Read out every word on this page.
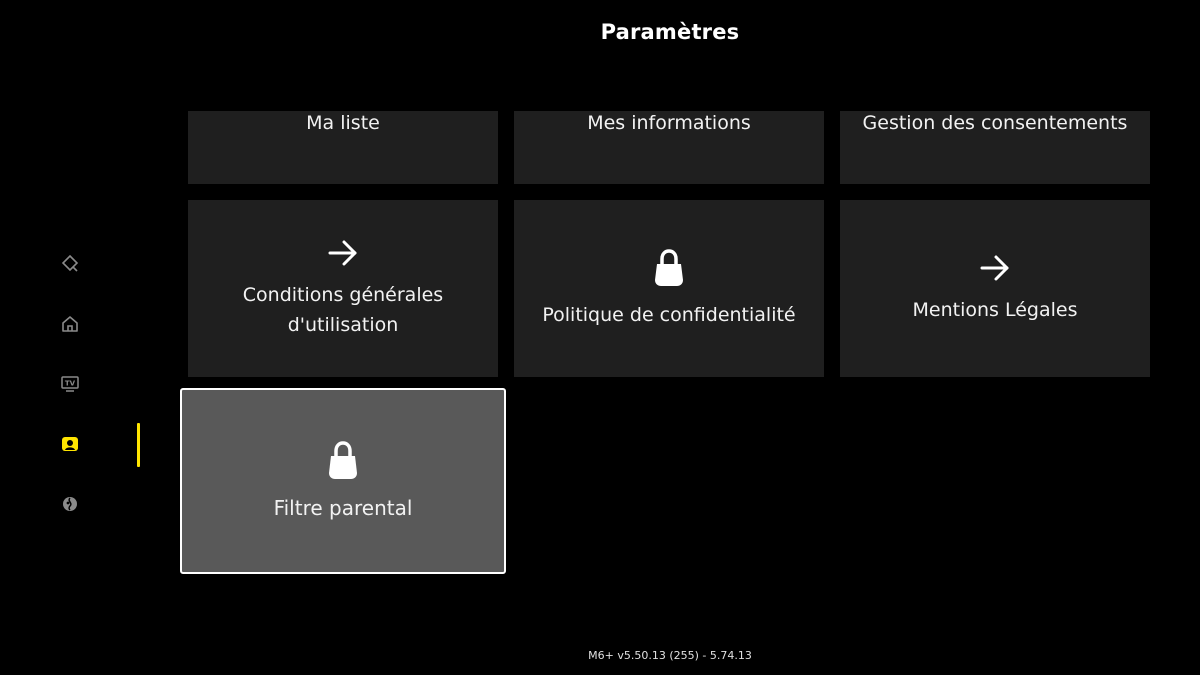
Paramètres
TV
Ma liste	Mes informations	Gestion des consentements
Conditions générales d'utilisation	Politique de confidentialité	Mentions Légales
Filtre parental
M6+ v5.50.13 (255) - 5.74.13
